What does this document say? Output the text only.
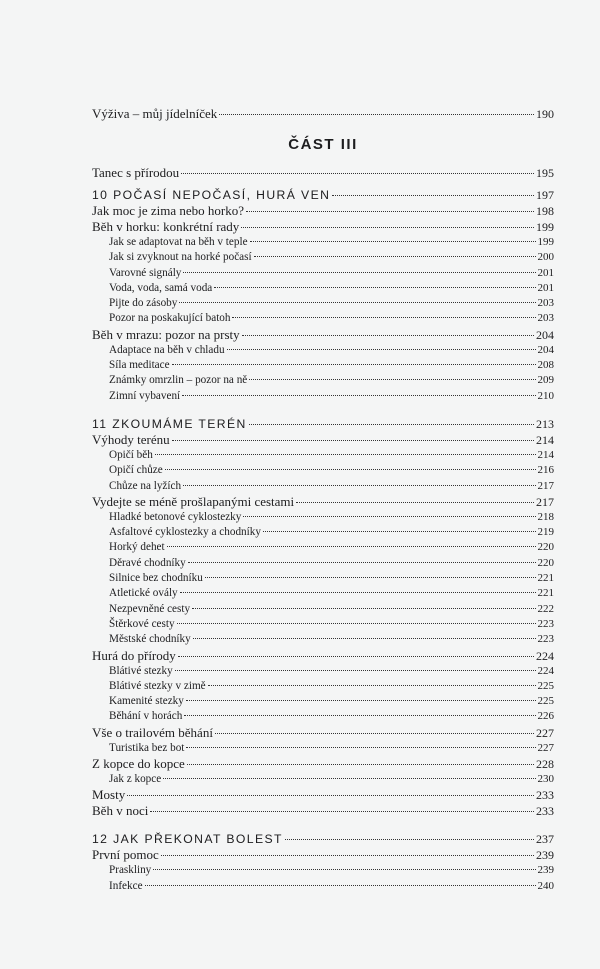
Výživa – můj jídelníček	190
ČÁST III
Tanec s přírodou	195
10 POČASÍ NEPOČASÍ, HURÁ VEN	197
Jak moc je zima nebo horko?	198
Běh v horku: konkrétní rady	199
Jak se adaptovat na běh v teple	199
Jak si zvyknout na horké počasí	200
Varovné signály	201
Voda, voda, samá voda	201
Pijte do zásoby	203
Pozor na poskakující batoh	203
Běh v mrazu: pozor na prsty	204
Adaptace na běh v chladu	204
Síla meditace	208
Známky omrzlin – pozor na ně	209
Zimní vybavení	210
11 ZKOUMÁME TERÉN	213
Výhody terénu	214
Opičí běh	214
Opičí chůze	216
Chůze na lyžích	217
Vydejte se méně prošlapanými cestami	217
Hladké betonové cyklostezky	218
Asfaltové cyklostezky a chodníky	219
Horký dehet	220
Děravé chodníky	220
Silnice bez chodníku	221
Atletické ovály	221
Nezpevněné cesty	222
Štěrkové cesty	223
Městské chodníky	223
Hurá do přírody	224
Blátivé stezky	224
Blátivé stezky v zimě	225
Kamenité stezky	225
Běhání v horách	226
Vše o trailovém běhání	227
Turistika bez bot	227
Z kopce do kopce	228
Jak z kopce	230
Mosty	233
Běh v noci	233
12 JAK PŘEKONAT BOLEST	237
První pomoc	239
Praskliny	239
Infekce	240
